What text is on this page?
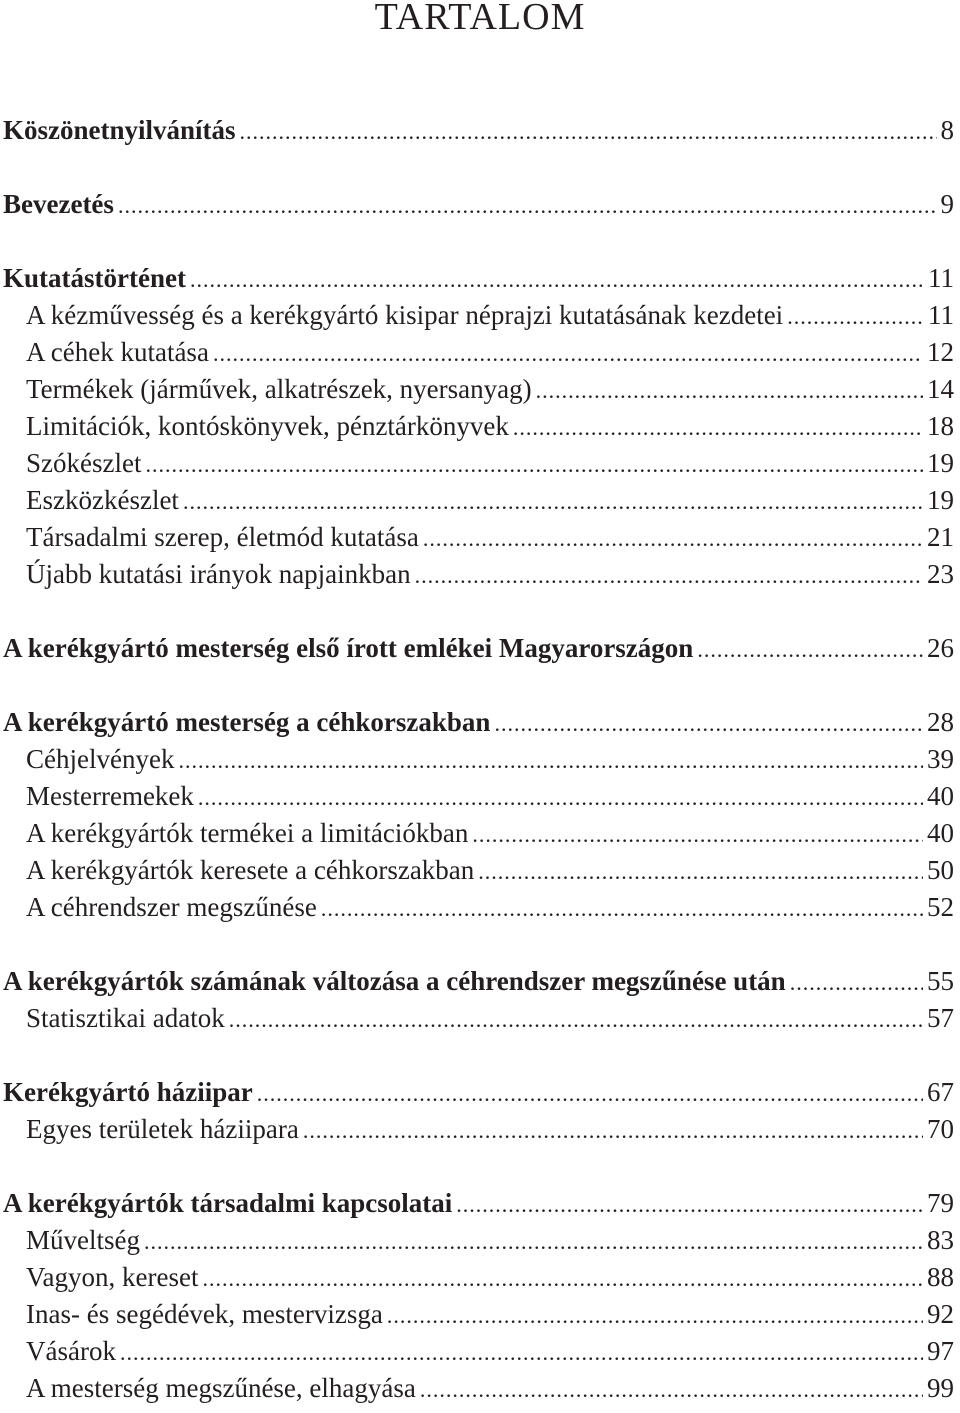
TARTALOM
Köszönetnyilvánítás .....	8
Bevezetés .....	9
Kutatástörténet .....	11
A kézművesség és a kerékgyártó kisipar néprajzi kutatásának kezdetei .....	11
A céhek kutatása .....	12
Termékek (járművek, alkatrészek, nyersanyag) .....	14
Limitációk, kontóskönyvek, pénztárkönyvek .....	18
Szókészlet .....	19
Eszközkészlet .....	19
Társadalmi szerep, életmód kutatása .....	21
Újabb kutatási irányok napjainkban .....	23
A kerékgyártó mesterség első írott emlékei Magyarországon .....	26
A kerékgyártó mesterség a céhkorszakban .....	28
Céhjelvények .....	39
Mesterremekek .....	40
A kerékgyártók termékei a limitációkban .....	40
A kerékgyártók keresete a céhkorszakban .....	50
A céhrendszer megszűnése .....	52
A kerékgyártók számának változása a céhrendszer megszűnése után .....	55
Statisztikai adatok .....	57
Kerékgyártó háziipar .....	67
Egyes területek háziipara .....	70
A kerékgyártók társadalmi kapcsolatai .....	79
Műveltség .....	83
Vagyon, kereset .....	88
Inas- és segédévek, mestervizsga .....	92
Vásárok .....	97
A mesterség megszűnése, elhagyása .....	99
